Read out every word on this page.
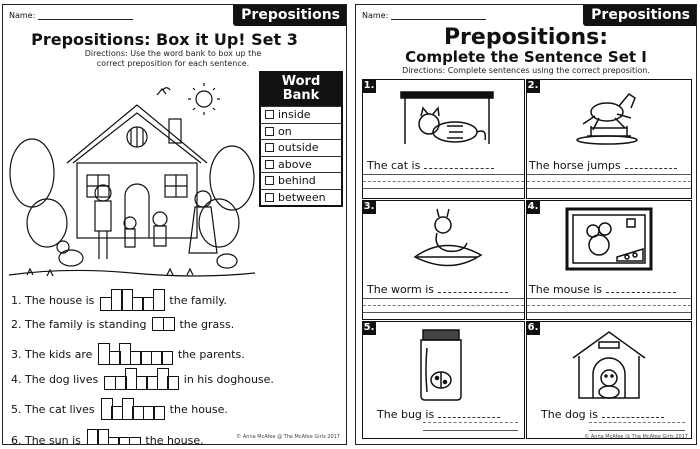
Name:	Prepositions
Prepositions: Box it Up! Set 3
Directions: Use the word bank to box up the correct preposition for each sentence.
Word
Bank
inside
on
outside
above
behind
between
1. The house is	the family.
2. The family is standing	the grass.
3. The kids are	the parents.
4. The dog lives	in his doghouse.
5. The cat lives	the house.
6. The sun is	the house.	© Anna McAfee @ The McAfee Girls 2017
Name:	Prepositions
Prepositions:
Complete the Sentence Set I
Directions: Complete sentences using the correct preposition.
1.
The cat is
2.
The horse jumps
3.
The worm is
4.
The mouse is
5.
The bug is
6.
The dog is
© Anna McAfee @ The McAfee Girls 2017
